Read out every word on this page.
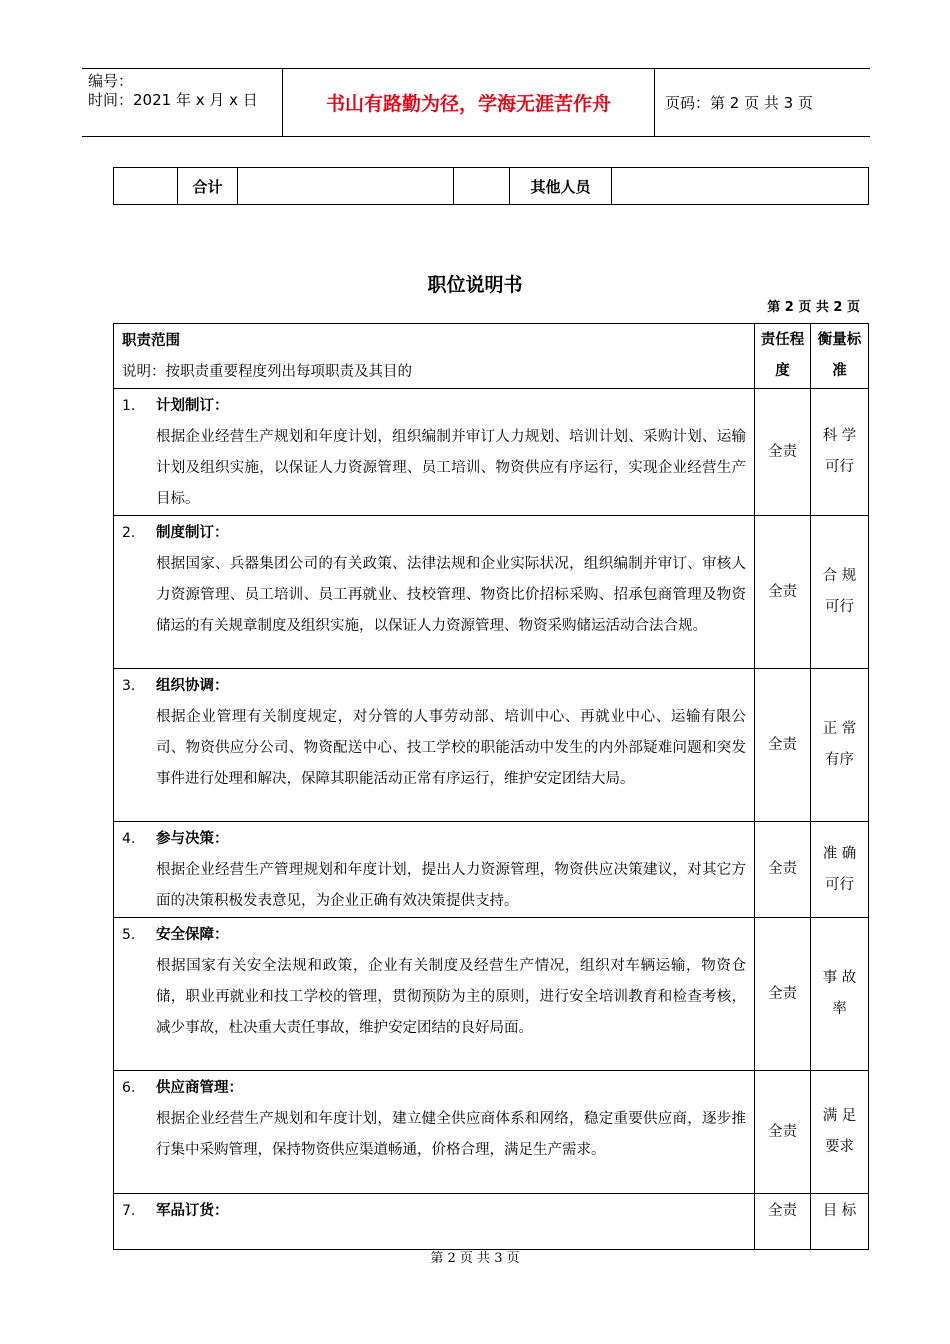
编号：
时间：2021 年 x 月 x 日	书山有路勤为径，学海无涯苦作舟	页码：第 2 页 共 3 页
	合计			其他人员	
职位说明书
第 2 页 共 2 页
职责范围
说明：按职责重要程度列出每项职责及其目的	责任程度	衡量标准

1. 计划制订：
根据企业经营生产规划和年度计划，组织编制并审订人力规划、培训计划、采购计划、运输计划及组织实施，以保证人力资源管理、员工培训、物资供应有序运行，实现企业经营生产目标。	全责	科 学 可行

2. 制度制订：
根据国家、兵器集团公司的有关政策、法律法规和企业实际状况，组织编制并审订、审核人力资源管理、员工培训、员工再就业、技校管理、物资比价招标采购、招承包商管理及物资储运的有关规章制度及组织实施，以保证人力资源管理、物资采购储运活动合法合规。	全责	合 规 可行

3. 组织协调：
根据企业管理有关制度规定，对分管的人事劳动部、培训中心、再就业中心、运输有限公司、物资供应分公司、物资配送中心、技工学校的职能活动中发生的内外部疑难问题和突发事件进行处理和解决，保障其职能活动正常有序运行，维护安定团结大局。	全责	正 常 有序

4. 参与决策：
根据企业经营生产管理规划和年度计划，提出人力资源管理，物资供应决策建议，对其它方面的决策积极发表意见，为企业正确有效决策提供支持。	全责	准 确 可行

5. 安全保障：
根据国家有关安全法规和政策，企业有关制度及经营生产情况，组织对车辆运输，物资仓储，职业再就业和技工学校的管理，贯彻预防为主的原则，进行安全培训教育和检查考核，减少事故，杜决重大责任事故，维护安定团结的良好局面。	全责	事 故 率

6. 供应商管理：
根据企业经营生产规划和年度计划，建立健全供应商体系和网络，稳定重要供应商，逐步推行集中采购管理，保持物资供应渠道畅通，价格合理，满足生产需求。	全责	满 足 要求

7. 军品订货：	全责	目 标
第 2 页 共 3 页
